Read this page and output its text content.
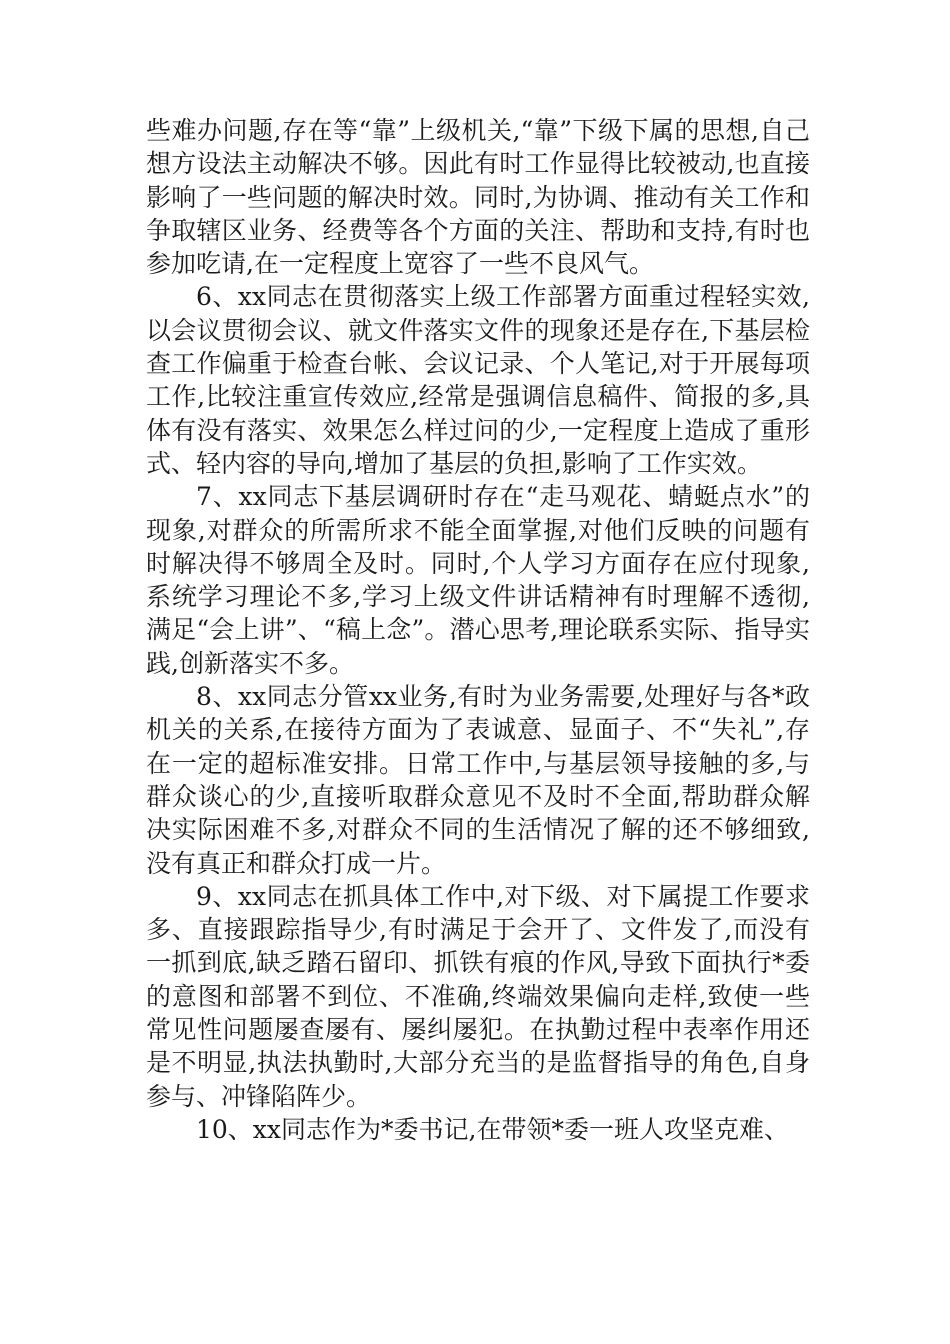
些难办问题,存在等“靠”上级机关,“靠”下级下属的思想,自己想方设法主动解决不够。因此有时工作显得比较被动,也直接影响了一些问题的解决时效。同时,为协调、推动有关工作和争取辖区业务、经费等各个方面的关注、帮助和支持,有时也参加吃请,在一定程度上宽容了一些不良风气。

6、xx同志在贯彻落实上级工作部署方面重过程轻实效,以会议贯彻会议、就文件落实文件的现象还是存在,下基层检查工作偏重于检查台帐、会议记录、个人笔记,对于开展每项工作,比较注重宣传效应,经常是强调信息稿件、简报的多,具体有没有落实、效果怎么样过问的少,一定程度上造成了重形式、轻内容的导向,增加了基层的负担,影响了工作实效。

7、xx同志下基层调研时存在“走马观花、蜻蜓点水”的现象,对群众的所需所求不能全面掌握,对他们反映的问题有时解决得不够周全及时。同时,个人学习方面存在应付现象,系统学习理论不多,学习上级文件讲话精神有时理解不透彻,满足“会上讲”、“稿上念”。潜心思考,理论联系实际、指导实践,创新落实不多。

8、xx同志分管xx业务,有时为业务需要,处理好与各*政机关的关系,在接待方面为了表诚意、显面子、不“失礼”,存在一定的超标准安排。日常工作中,与基层领导接触的多,与群众谈心的少,直接听取群众意见不及时不全面,帮助群众解决实际困难不多,对群众不同的生活情况了解的还不够细致,没有真正和群众打成一片。

9、xx同志在抓具体工作中,对下级、对下属提工作要求多、直接跟踪指导少,有时满足于会开了、文件发了,而没有一抓到底,缺乏踏石留印、抓铁有痕的作风,导致下面执行*委的意图和部署不到位、不准确,终端效果偏向走样,致使一些常见性问题屡查屡有、屡纠屡犯。在执勤过程中表率作用还是不明显,执法执勤时,大部分充当的是监督指导的角色,自身参与、冲锋陷阵少。

10、xx同志作为*委书记,在带领*委一班人攻坚克难、
